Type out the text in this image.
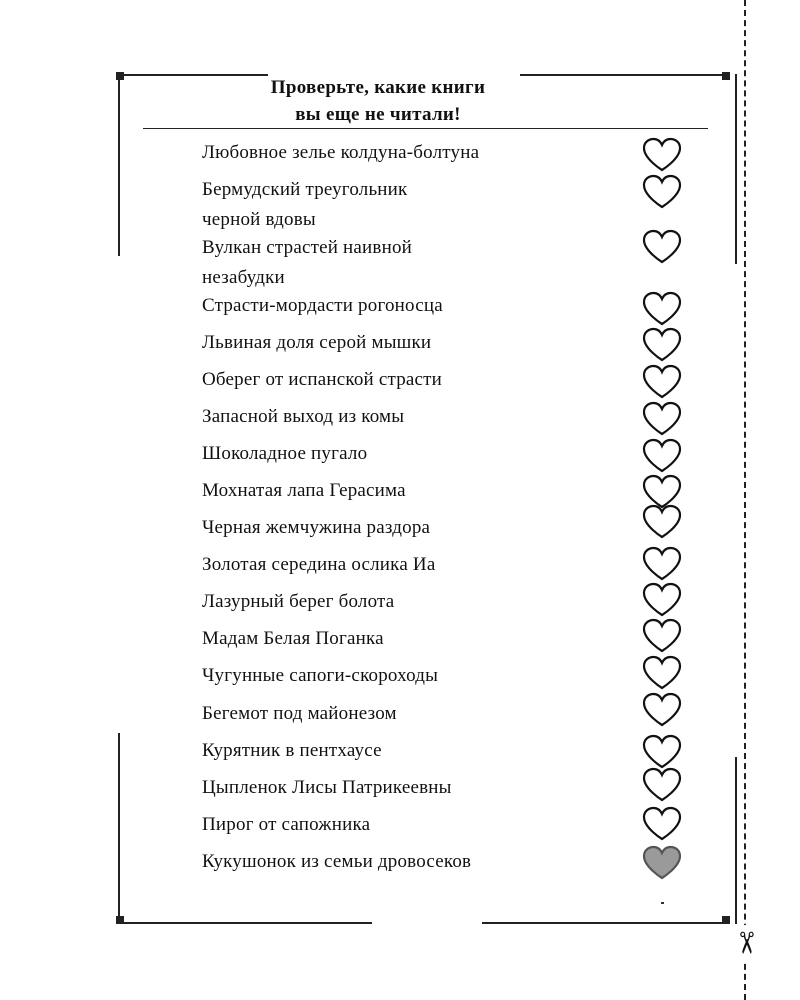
✂
Проверьте, какие книги
вы еще не читали!
Любовное зелье колдуна-болтуна
Бермудский треугольник
черной вдовы
Вулкан страстей наивной
незабудки
Страсти-мордасти рогоносца
Львиная доля серой мышки
Оберег от испанской страсти
Запасной выход из комы
Шоколадное пугало
Мохнатая лапа Герасима
Черная жемчужина раздора
Золотая середина ослика Иа
Лазурный берег болота
Мадам Белая Поганка
Чугунные сапоги-скороходы
Бегемот под майонезом
Курятник в пентхаусе
Цыпленок Лисы Патрикеевны
Пирог от сапожника
Кукушонок из семьи дровосеков
